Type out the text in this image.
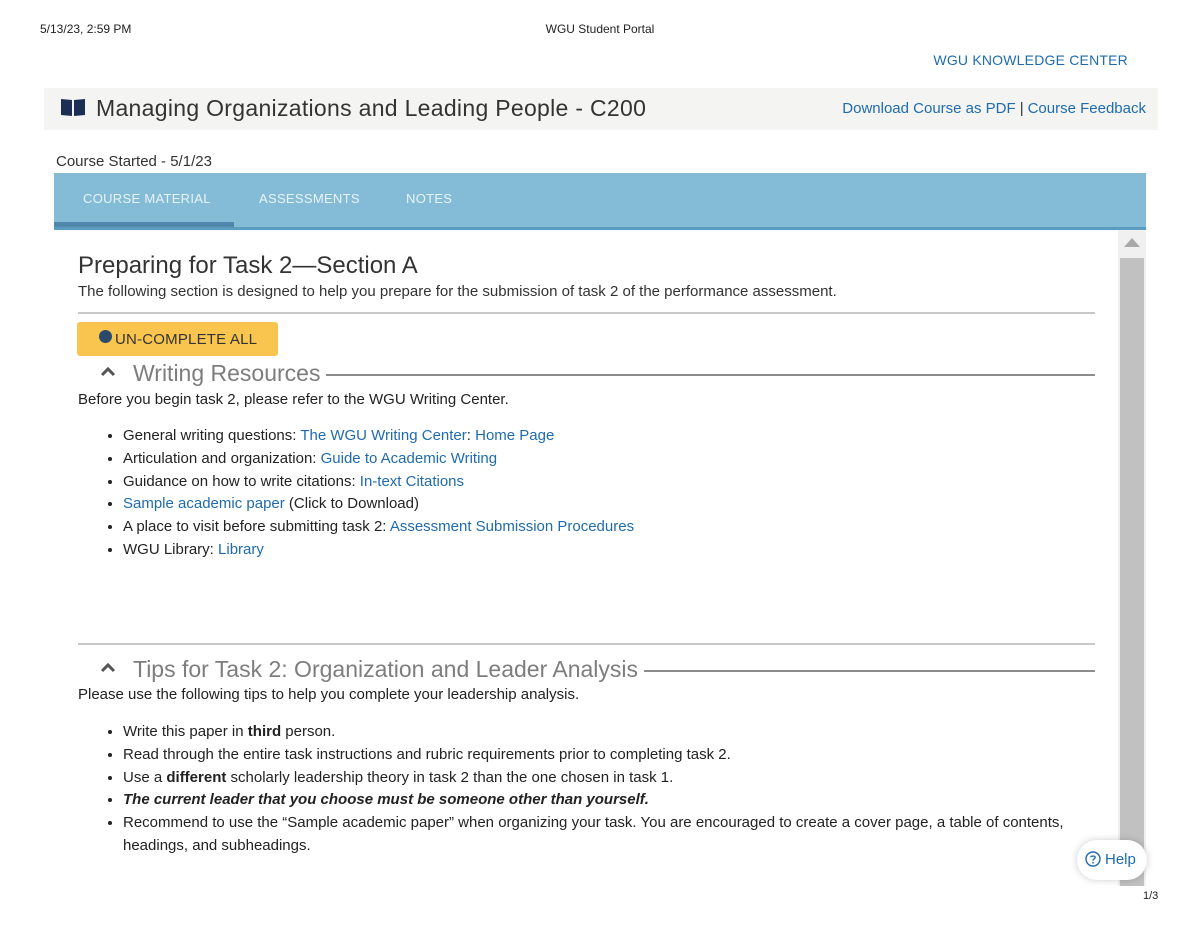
5/13/23, 2:59 PM	WGU Student Portal
WGU KNOWLEDGE CENTER
Managing Organizations and Leading People - C200	Download Course as PDF | Course Feedback
Course Started - 5/1/23
COURSE MATERIAL	ASSESSMENTS	NOTES
Preparing for Task 2—Section A
The following section is designed to help you prepare for the submission of task 2 of the performance assessment.
UN-COMPLETE ALL
Writing Resources
Before you begin task 2, please refer to the WGU Writing Center.
• General writing questions: The WGU Writing Center: Home Page
• Articulation and organization: Guide to Academic Writing
• Guidance on how to write citations: In-text Citations
• Sample academic paper (Click to Download)
• A place to visit before submitting task 2: Assessment Submission Procedures
• WGU Library: Library
Tips for Task 2: Organization and Leader Analysis
Please use the following tips to help you complete your leadership analysis.
• Write this paper in third person.
• Read through the entire task instructions and rubric requirements prior to completing task 2.
• Use a different scholarly leadership theory in task 2 than the one chosen in task 1.
• The current leader that you choose must be someone other than yourself.
• Recommend to use the “Sample academic paper” when organizing your task. You are encouraged to create a cover page, a table of contents, headings, and subheadings.
Help
1/3
